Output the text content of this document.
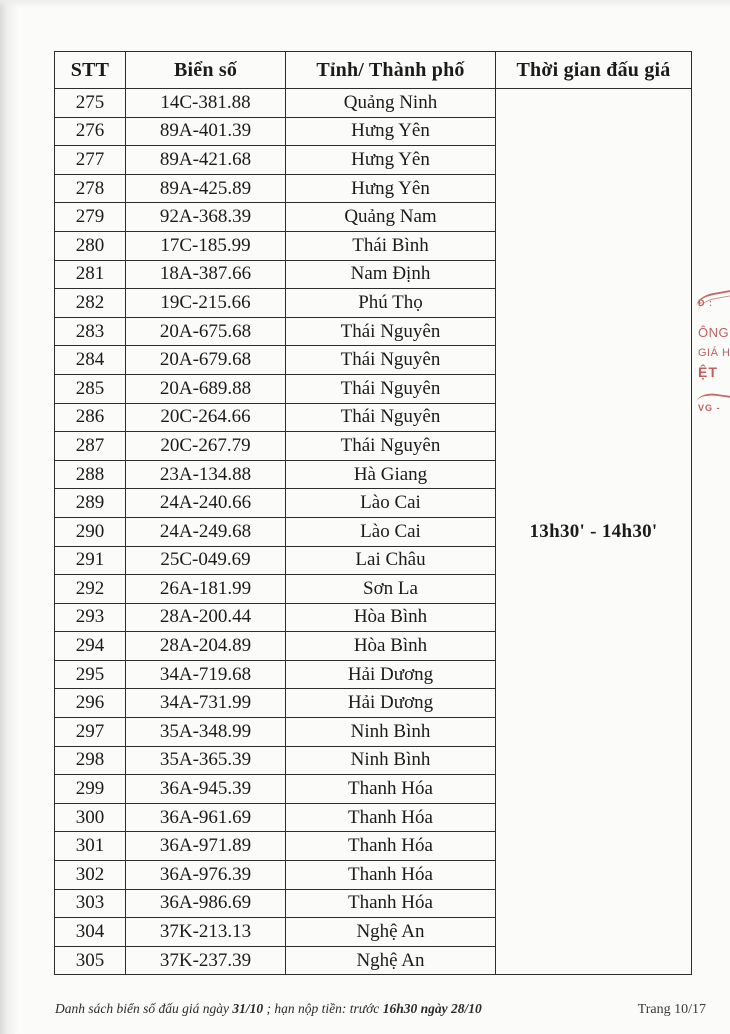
STT	Biển số	Tỉnh/ Thành phố	Thời gian đấu giá
275	14C-381.88	Quảng Ninh	13h30' - 14h30'
276	89A-401.39	Hưng Yên	
277	89A-421.68	Hưng Yên	
278	89A-425.89	Hưng Yên	
279	92A-368.39	Quảng Nam	
280	17C-185.99	Thái Bình	
281	18A-387.66	Nam Định	
282	19C-215.66	Phú Thọ	
283	20A-675.68	Thái Nguyên	
284	20A-679.68	Thái Nguyên	
285	20A-689.88	Thái Nguyên	
286	20C-264.66	Thái Nguyên	
287	20C-267.79	Thái Nguyên	
288	23A-134.88	Hà Giang	
289	24A-240.66	Lào Cai	
290	24A-249.68	Lào Cai	
291	25C-049.69	Lai Châu	
292	26A-181.99	Sơn La	
293	28A-200.44	Hòa Bình	
294	28A-204.89	Hòa Bình	
295	34A-719.68	Hải Dương	
296	34A-731.99	Hải Dương	
297	35A-348.99	Ninh Bình	
298	35A-365.39	Ninh Bình	
299	36A-945.39	Thanh Hóa	
300	36A-961.69	Thanh Hóa	
301	36A-971.89	Thanh Hóa	
302	36A-976.39	Thanh Hóa	
303	36A-986.69	Thanh Hóa	
304	37K-213.13	Nghệ An	
305	37K-237.39	Nghệ An	
Danh sách biển số đấu giá ngày 31/10 ; hạn nộp tiền: trước 16h30 ngày 28/10	Trang 10/17
Đ :
ÔNG
GIÁ H
ỆT
VG -
